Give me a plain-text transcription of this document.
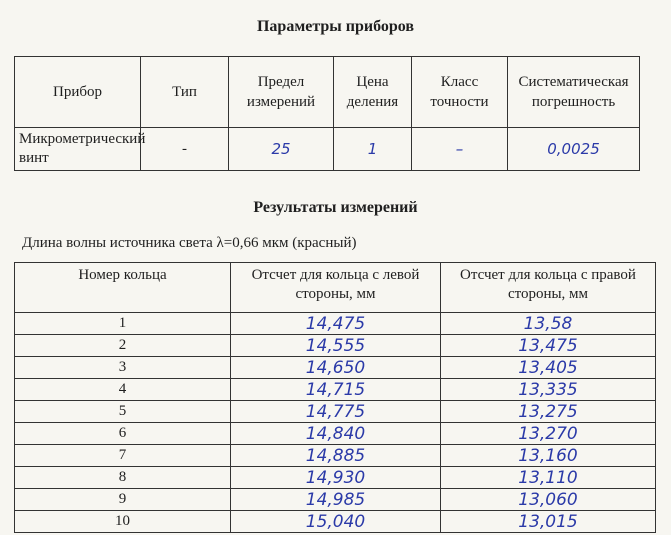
Параметры приборов
Прибор	Тип	Предел измерений	Цена деления	Класс точности	Систематическая погрешность
Микрометрический винт	-	25	1	–	0,0025
Результаты измерений
Длина волны источника света λ=0,66 мкм (красный)
Номер кольца	Отсчет для кольца с левой стороны, мм	Отсчет для кольца с правой стороны, мм
1	14,475	13,58
2	14,555	13,475
3	14,650	13,405
4	14,715	13,335
5	14,775	13,275
6	14,840	13,270
7	14,885	13,160
8	14,930	13,110
9	14,985	13,060
10	15,040	13,015
